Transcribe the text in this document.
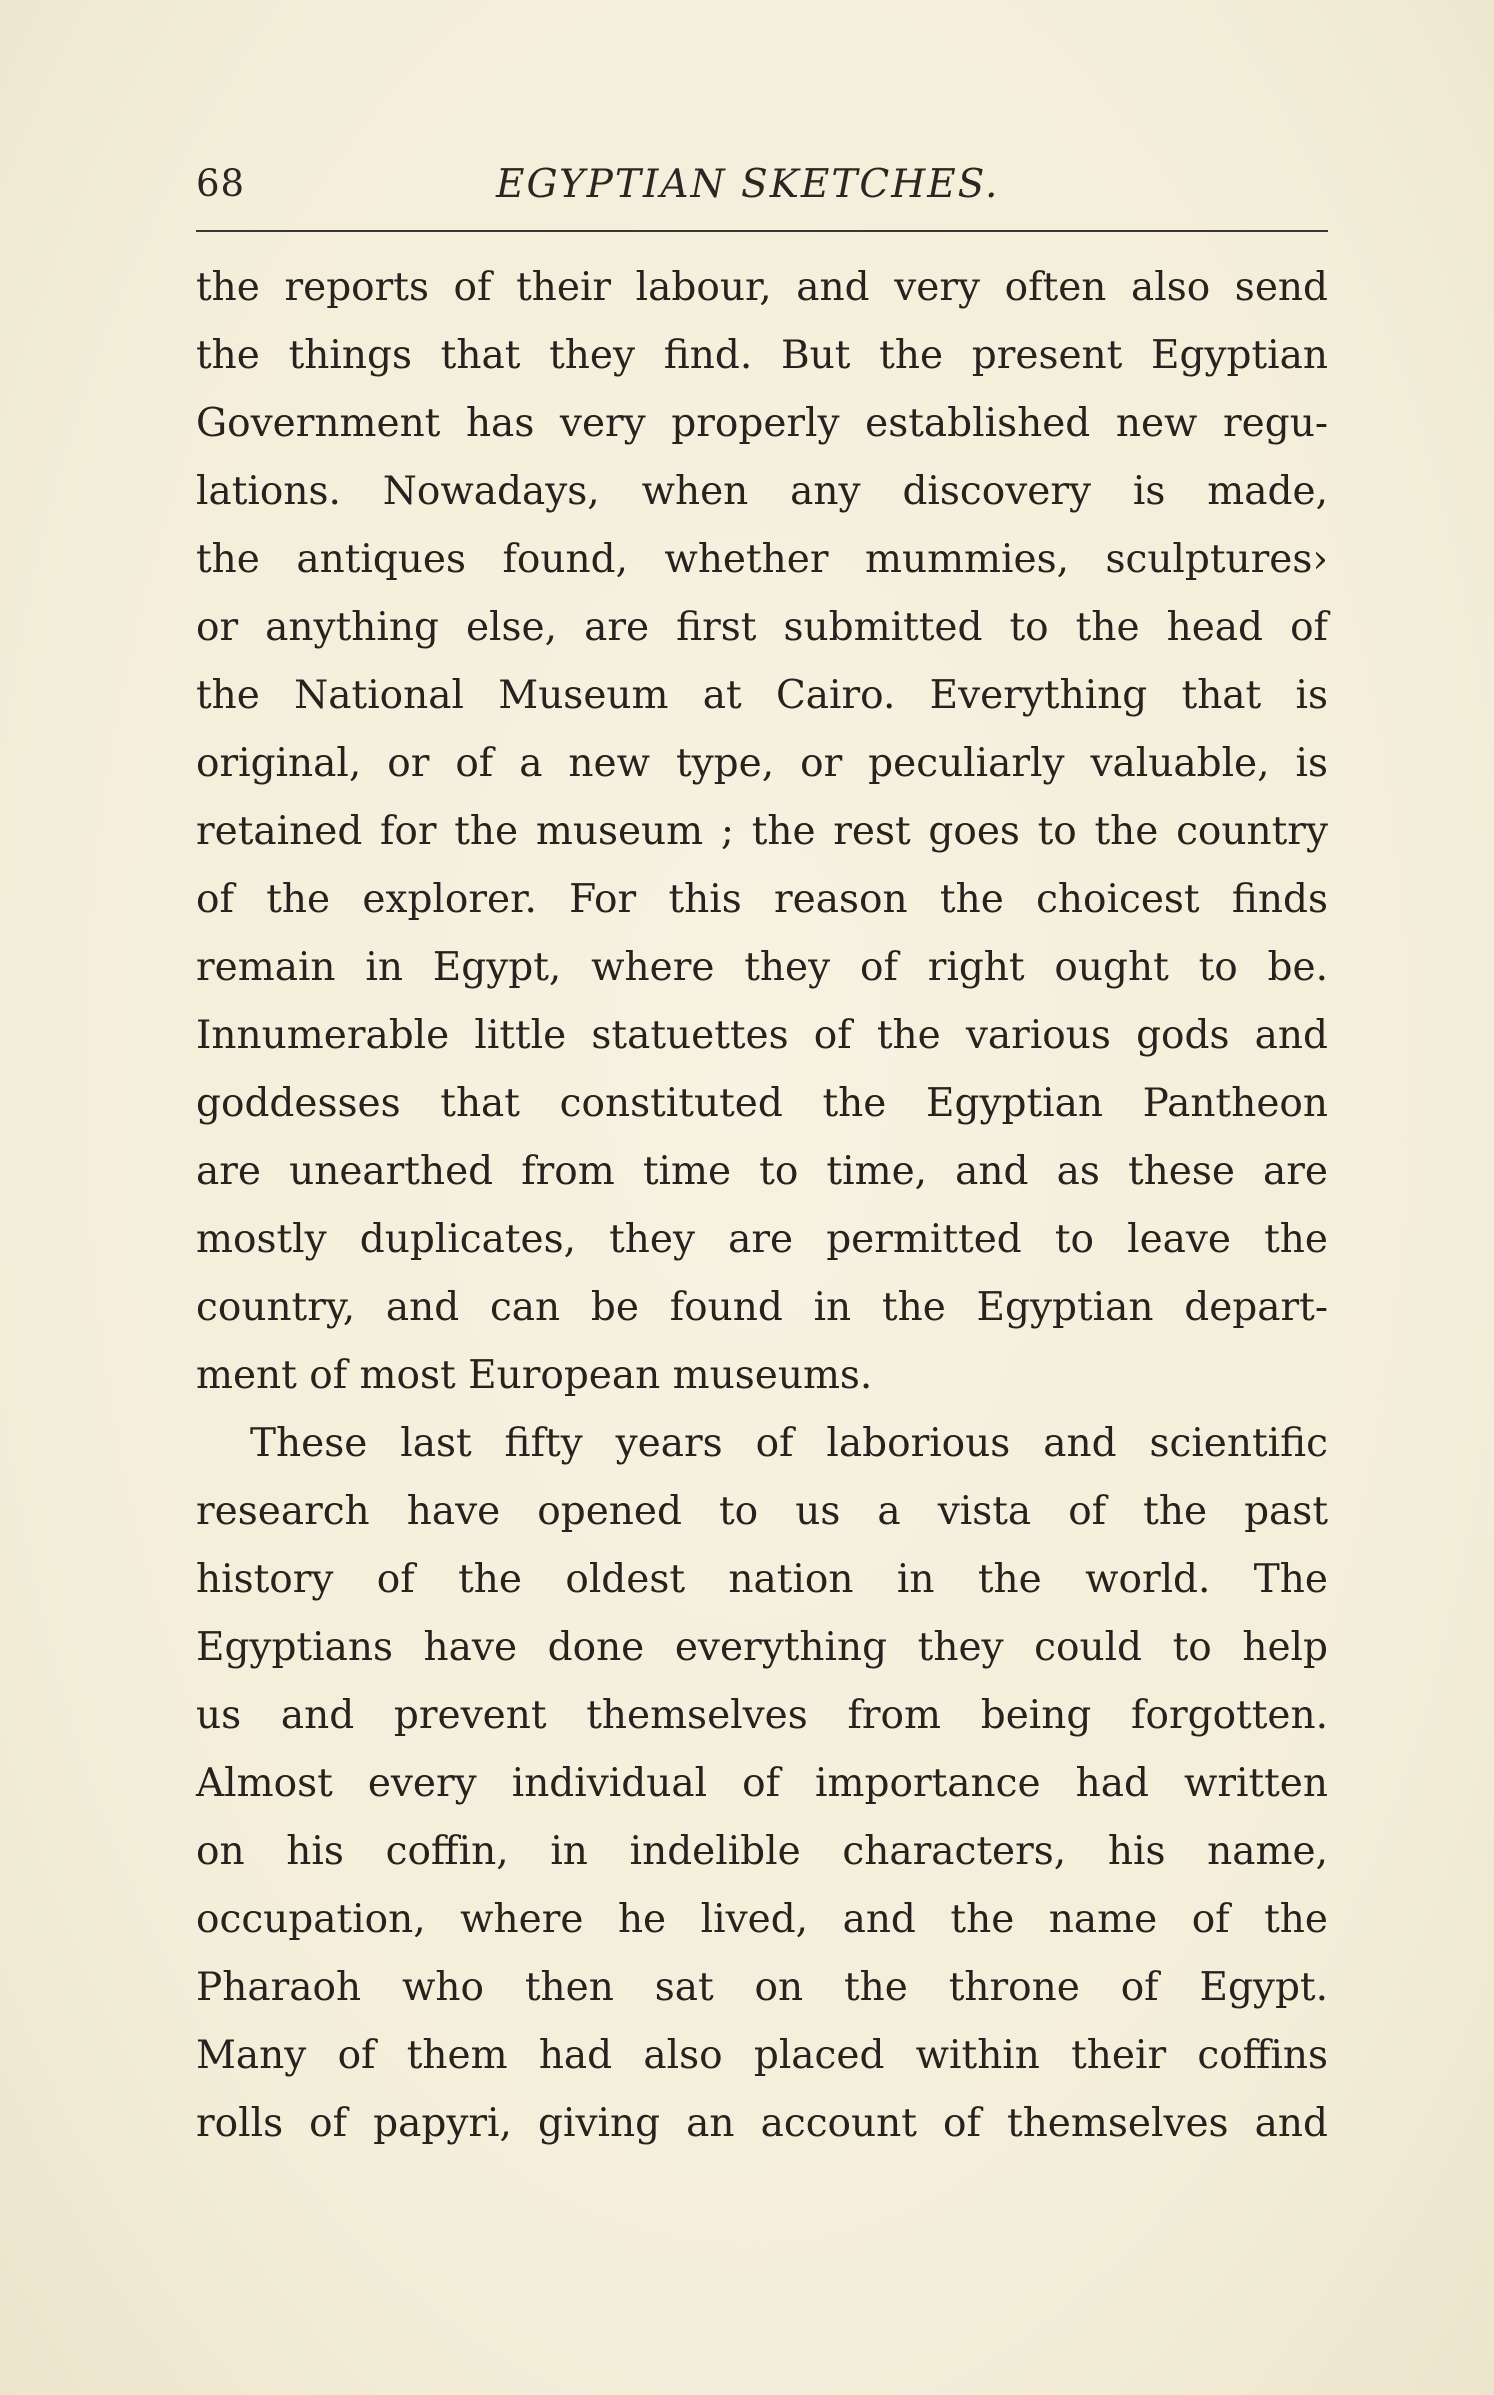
68	EGYPTIAN SKETCHES.
the reports of their labour, and very often also send
the things that they find. But the present Egyptian
Government has very properly established new regu-
lations. Nowadays, when any discovery is made,
the antiques found, whether mummies, sculptures›
or anything else, are first submitted to the head of
the National Museum at Cairo. Everything that is
original, or of a new type, or peculiarly valuable, is
retained for the museum ; the rest goes to the country
of the explorer. For this reason the choicest finds
remain in Egypt, where they of right ought to be.
Innumerable little statuettes of the various gods and
goddesses that constituted the Egyptian Pantheon
are unearthed from time to time, and as these are
mostly duplicates, they are permitted to leave the
country, and can be found in the Egyptian depart-
ment of most European museums.
These last fifty years of laborious and scientific
research have opened to us a vista of the past
history of the oldest nation in the world. The
Egyptians have done everything they could to help
us and prevent themselves from being forgotten.
Almost every individual of importance had written
on his coffin, in indelible characters, his name,
occupation, where he lived, and the name of the
Pharaoh who then sat on the throne of Egypt.
Many of them had also placed within their coffins
rolls of papyri, giving an account of themselves and
